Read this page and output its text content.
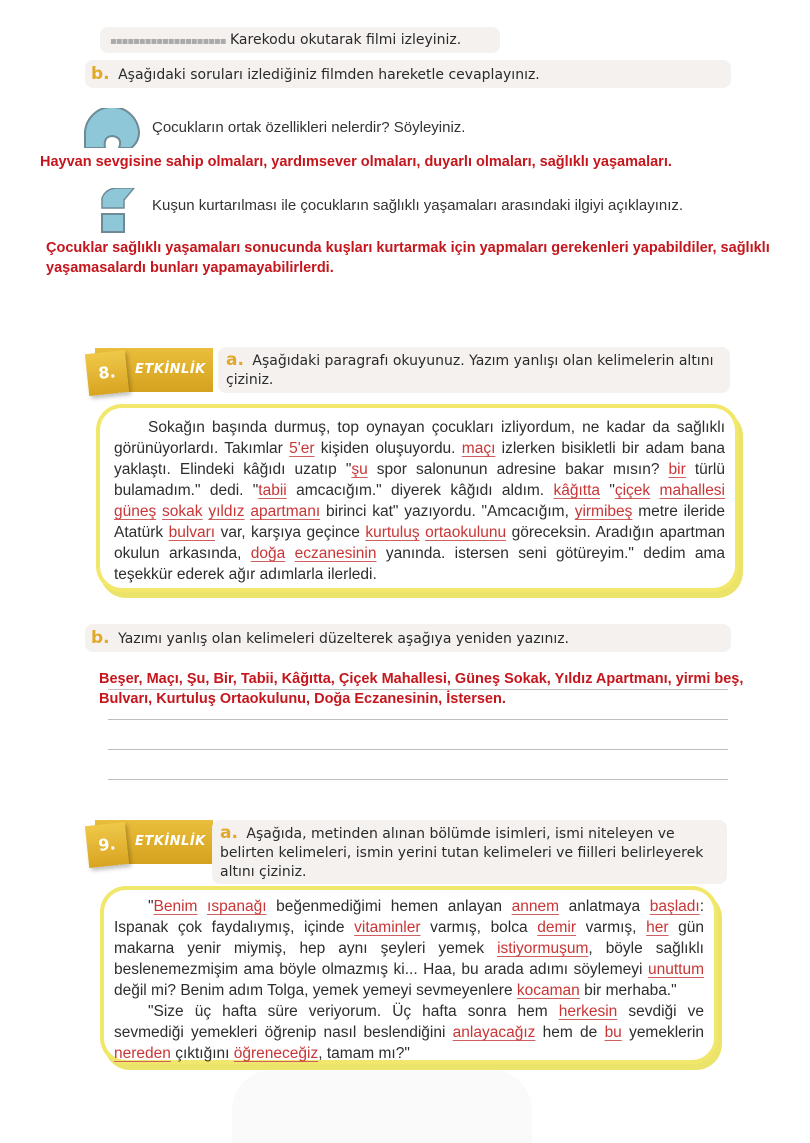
▪▪▪▪▪▪▪▪▪▪▪▪▪▪▪▪▪▪▪▪ Karekodu okutarak filmi izleyiniz.
b. Aşağıdaki soruları izlediğiniz filmden hareketle cevaplayınız.
Çocukların ortak özellikleri nelerdir? Söyleyiniz.
Hayvan sevgisine sahip olmaları, yardımsever olmaları, duyarlı olmaları, sağlıklı yaşamaları.
Kuşun kurtarılması ile çocukların sağlıklı yaşamaları arasındaki ilgiyi açıklayınız.
Çocuklar sağlıklı yaşamaları sonucunda kuşları kurtarmak için yapmaları gerekenleri yapabildiler, sağlıklı
yaşamasalardı bunları yapamayabilirlerdi.
8.	ETKİNLİK	a. Aşağıdaki paragrafı okuyunuz. Yazım yanlışı olan kelimelerin altını çiziniz.
Sokağın başında durmuş, top oynayan çocukları izliyordum, ne kadar da sağlıklı görünüyorlardı. Takımlar 5'er kişiden oluşuyordu. maçı izlerken bisikletli bir adam bana yaklaştı. Elindeki kâğıdı uzatıp "şu spor salonunun adresine bakar mısın? bir türlü bulamadım." dedi. "tabii amcacığım." diyerek kâğıdı aldım. kâğıtta "çiçek mahallesi güneş sokak yıldız apartmanı birinci kat" yazıyordu. "Amcacığım, yirmibeş metre ileride Atatürk bulvarı var, karşıya geçince kurtuluş ortaokulunu göreceksin. Aradığın apartman okulun arkasında, doğa eczanesinin yanında. istersen seni götüreyim." dedim ama teşekkür ederek ağır adımlarla ilerledi.
b. Yazımı yanlış olan kelimeleri düzelterek aşağıya yeniden yazınız.
Beşer, Maçı, Şu, Bir, Tabii, Kâğıtta, Çiçek Mahallesi, Güneş Sokak, Yıldız Apartmanı, yirmi beş, Bulvarı, Kurtuluş Ortaokulunu, Doğa Eczanesinin, İstersen.
9.	ETKİNLİK a. Aşağıda, metinden alınan bölümde isimleri, ismi niteleyen ve belirten kelimeleri, ismin yerini tutan kelimeleri ve fiilleri belirleyerek altını çiziniz.
"Benim ıspanağı beğenmediğimi hemen anlayan annem anlatmaya başladı: Ispanak çok faydalıymış, içinde vitaminler varmış, bolca demir varmış, her gün makarna yenir miymiş, hep aynı şeyleri yemek istiyormuşum, böyle sağlıklı beslenemezmişim ama böyle olmazmış ki... Haa, bu arada adımı söylemeyi unuttum değil mi? Benim adım Tolga, yemek yemeyi sevmeyenlere kocaman bir merhaba."
"Size üç hafta süre veriyorum. Üç hafta sonra hem herkesin sevdiği ve sevmediği yemekleri öğrenip nasıl beslendiğini anlayacağız hem de bu yemeklerin nereden çıktığını öğreneceğiz, tamam mı?"
